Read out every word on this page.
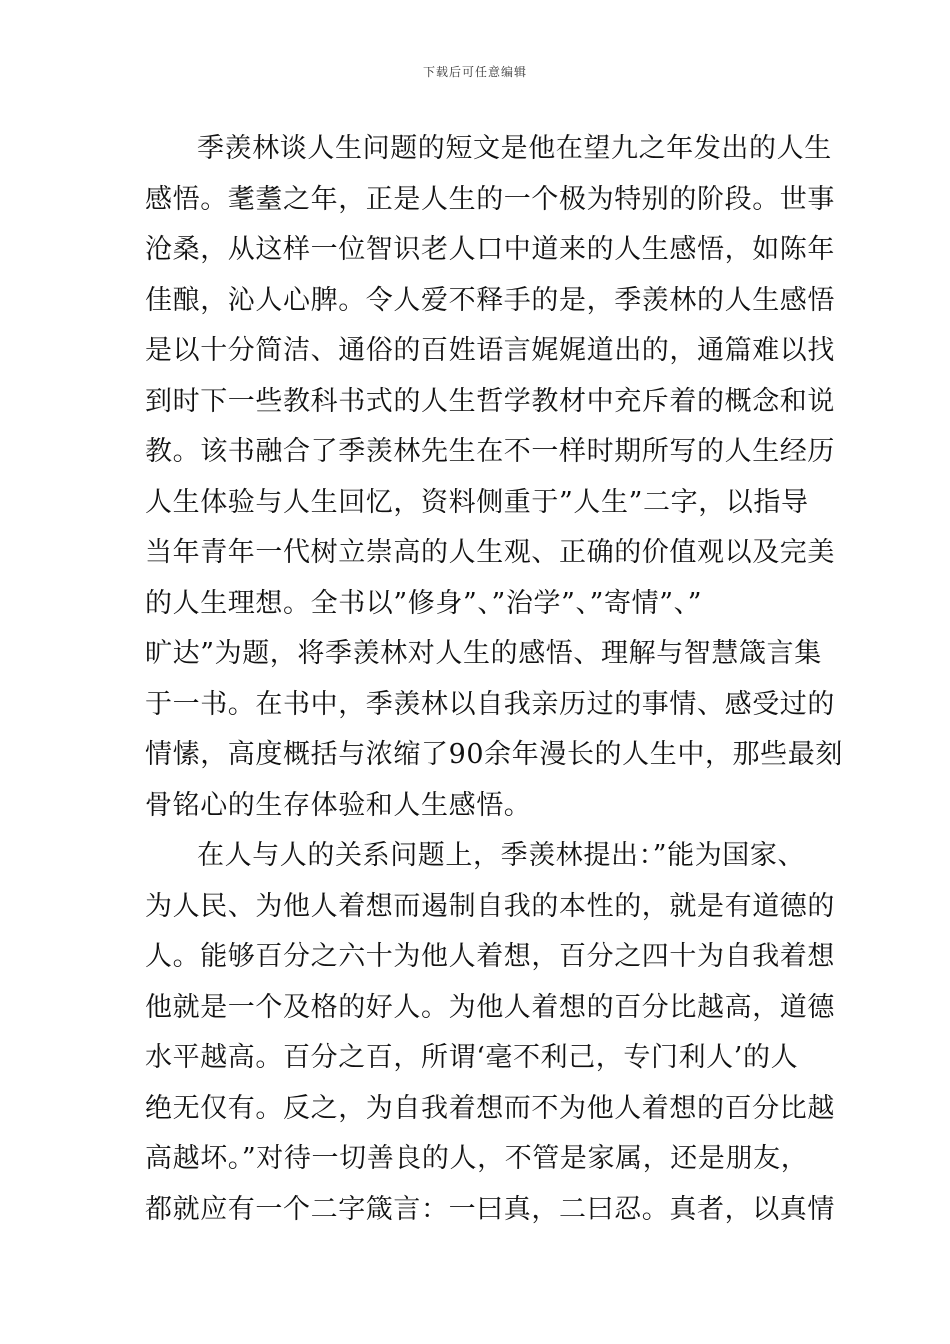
下载后可任意编辑

季羡林谈人生问题的短文是他在望九之年发出的人生
感悟。耄耋之年，正是人生的一个极为特别的阶段。世事
沧桑，从这样一位智识老人口中道来的人生感悟，如陈年
佳酿，沁人心脾。令人爱不释手的是，季羡林的人生感悟
是以十分简洁、通俗的百姓语言娓娓道出的，通篇难以找
到时下一些教科书式的人生哲学教材中充斥着的概念和说
教。该书融合了季羡林先生在不一样时期所写的人生经历
人生体验与人生回忆，资料侧重于”人生”二字，以指导
当年青年一代树立崇高的人生观、正确的价值观以及完美
的人生理想。全书以”修身”、”治学”、”寄情”、”
旷达”为题，将季羡林对人生的感悟、理解与智慧箴言集
于一书。在书中，季羡林以自我亲历过的事情、感受过的
情愫，高度概括与浓缩了90余年漫长的人生中，那些最刻
骨铭心的生存体验和人生感悟。

在人与人的关系问题上，季羡林提出：”能为国家、
为人民、为他人着想而遏制自我的本性的，就是有道德的
人。能够百分之六十为他人着想，百分之四十为自我着想
他就是一个及格的好人。为他人着想的百分比越高，道德
水平越高。百分之百，所谓‘毫不利己，专门利人’的人
绝无仅有。反之，为自我着想而不为他人着想的百分比越
高越坏。”对待一切善良的人，不管是家属，还是朋友，
都就应有一个二字箴言：一曰真，二曰忍。真者，以真情
